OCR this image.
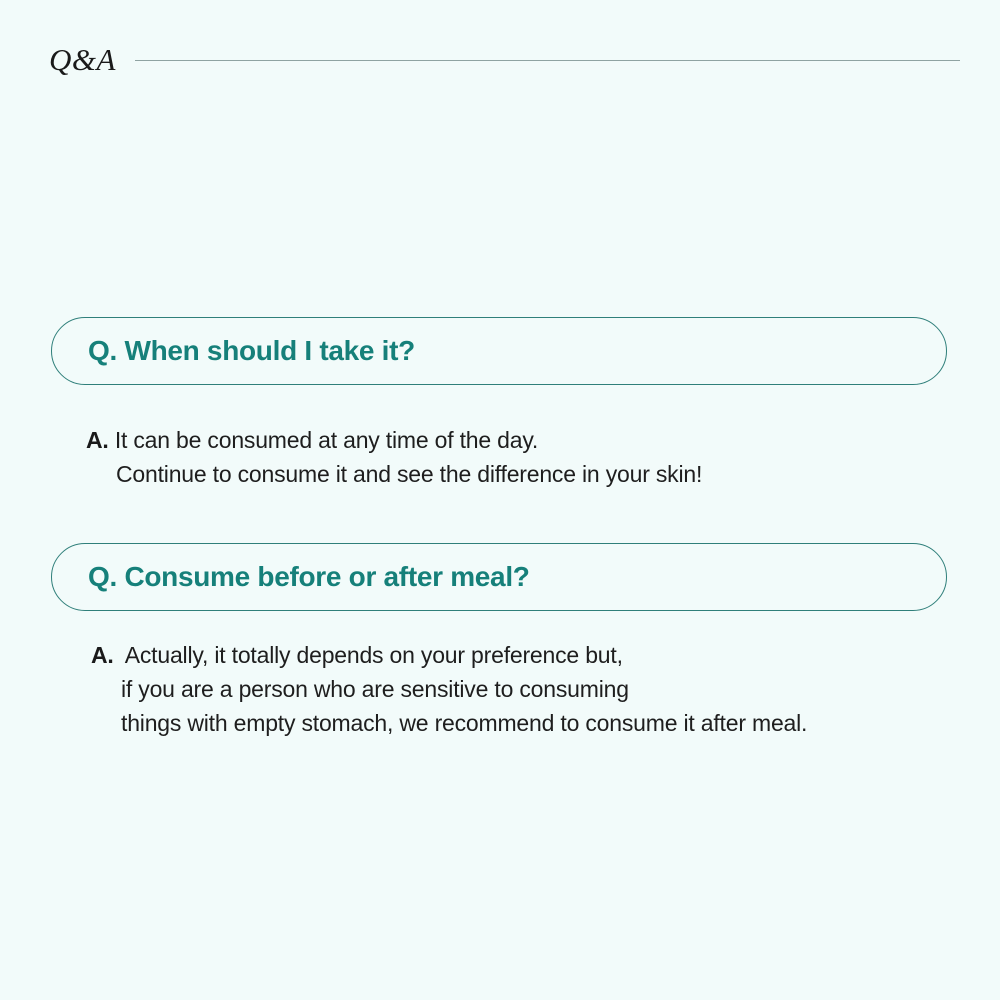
Q&A
Q. When should I take it?
A. It can be consumed at any time of the day.
Continue to consume it and see the difference in your skin!
Q. Consume before or after meal?
A. Actually, it totally depends on your preference but,
if you are a person who are sensitive to consuming
things with empty stomach, we recommend to consume it after meal.
